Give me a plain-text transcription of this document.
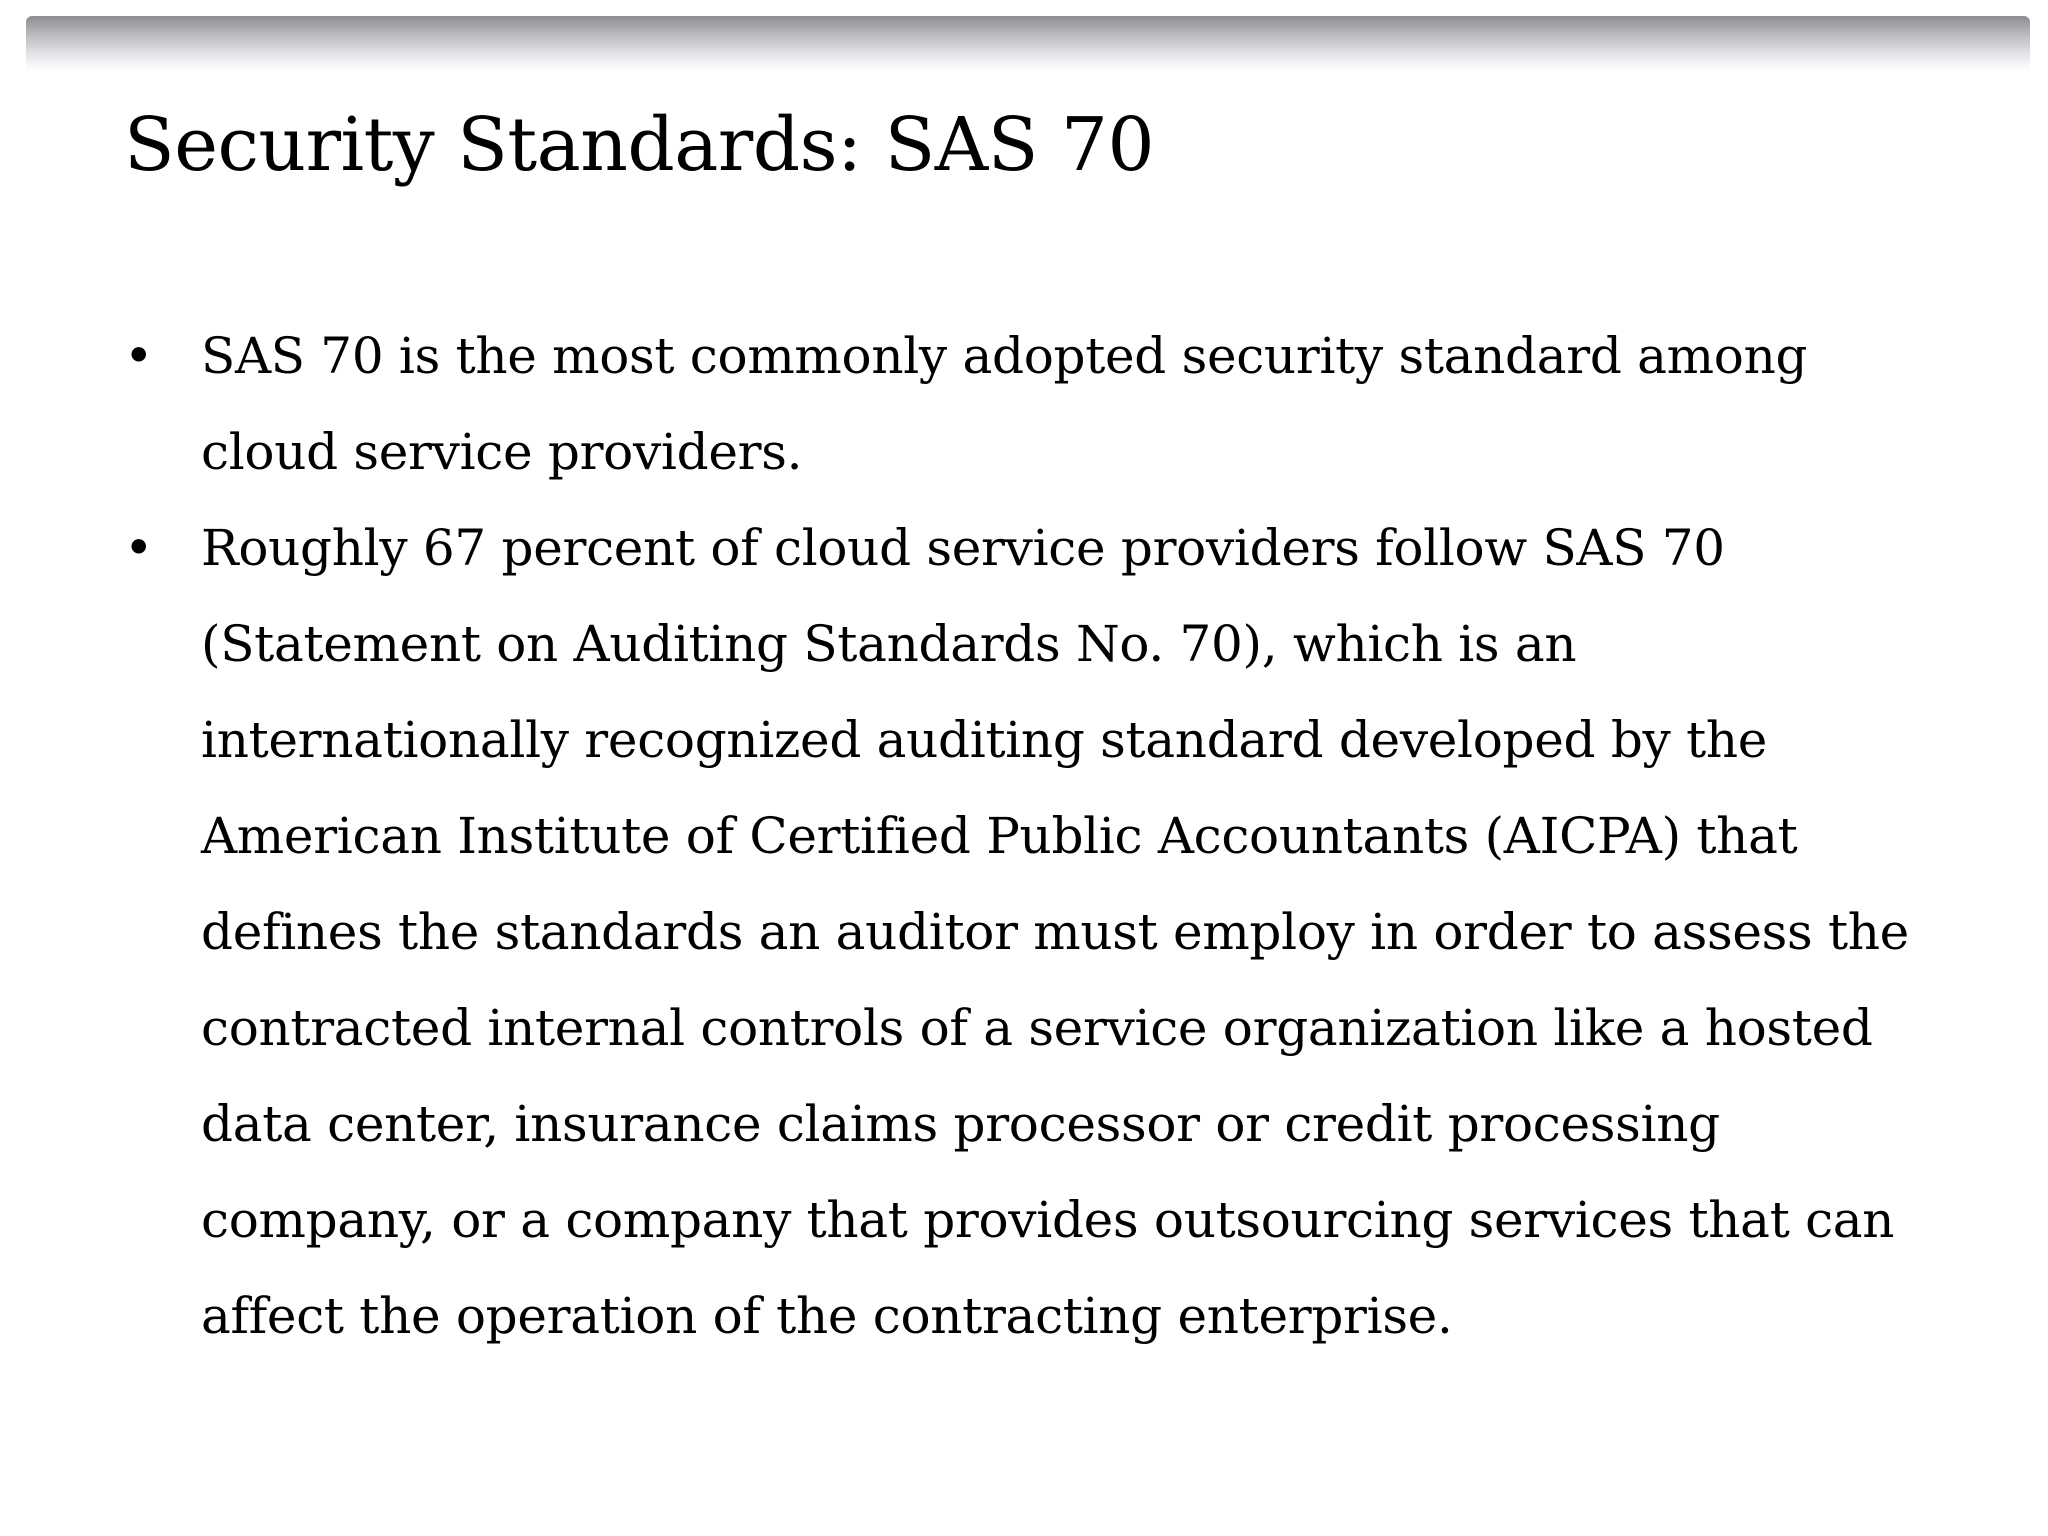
Security Standards: SAS 70
• SAS 70 is the most commonly adopted security standard among
cloud service providers.
• Roughly 67 percent of cloud service providers follow SAS 70
(Statement on Auditing Standards No. 70), which is an
internationally recognized auditing standard developed by the
American Institute of Certified Public Accountants (AICPA) that
defines the standards an auditor must employ in order to assess the
contracted internal controls of a service organization like a hosted
data center, insurance claims processor or credit processing
company, or a company that provides outsourcing services that can
affect the operation of the contracting enterprise.
